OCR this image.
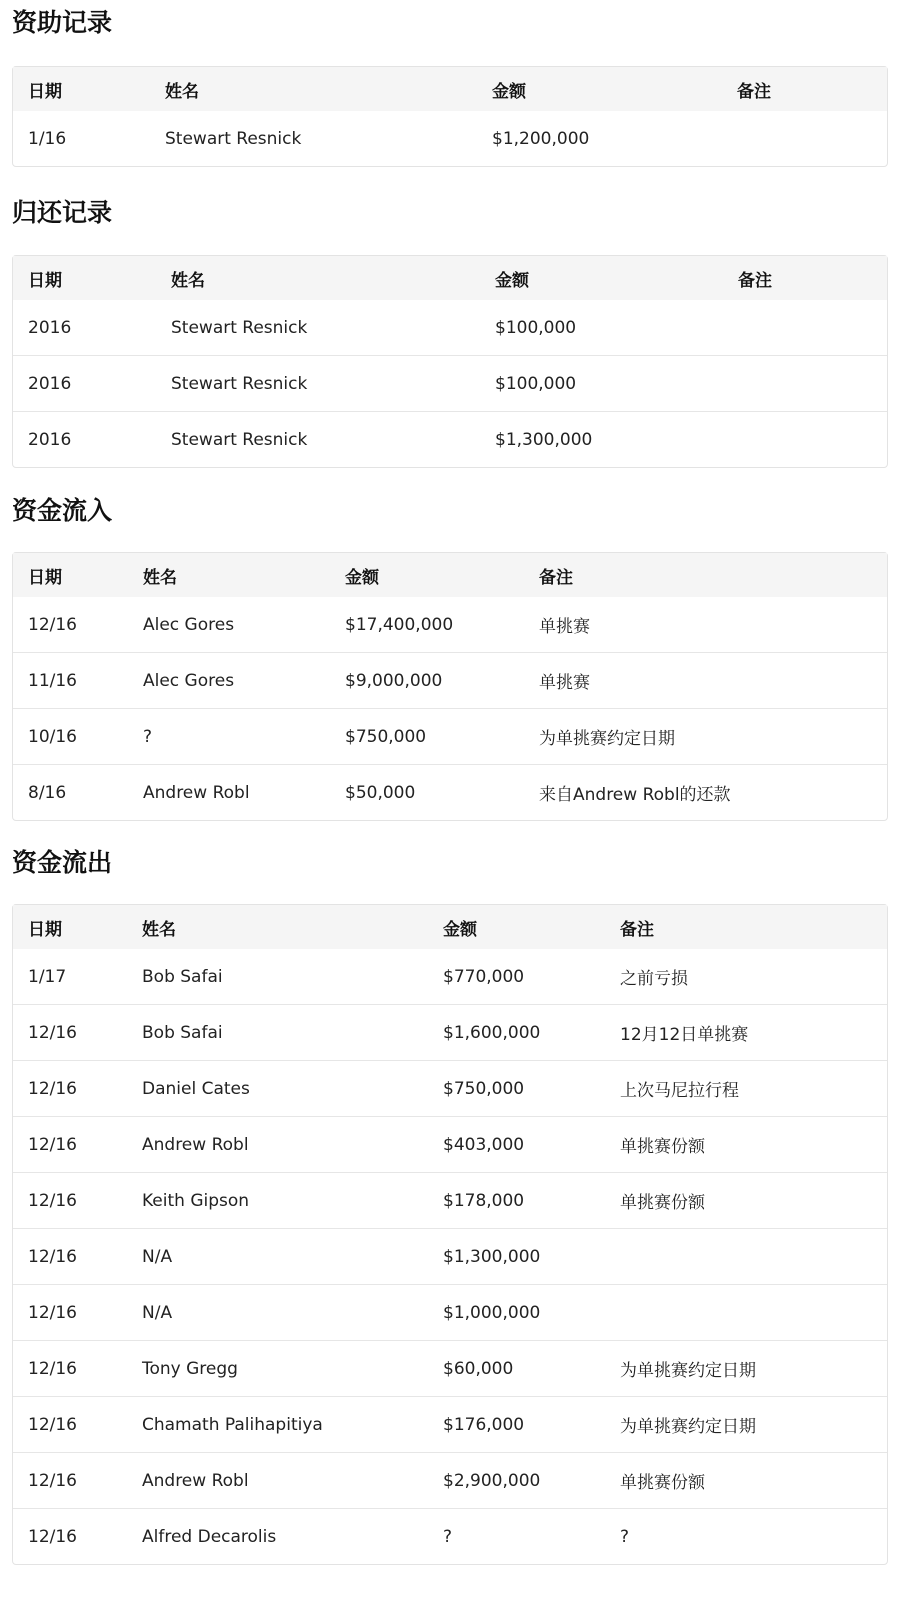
资助记录
日期	姓名	金额	备注
1/16	Stewart Resnick	$1,200,000	
归还记录
日期	姓名	金额	备注
2016	Stewart Resnick	$100,000	
2016	Stewart Resnick	$100,000	
2016	Stewart Resnick	$1,300,000	
资金流入
日期	姓名	金额	备注
12/16	Alec Gores	$17,400,000	单挑赛
11/16	Alec Gores	$9,000,000	单挑赛
10/16	?	$750,000	为单挑赛约定日期
8/16	Andrew Robl	$50,000	来自Andrew Robl的还款
资金流出
日期	姓名	金额	备注
1/17	Bob Safai	$770,000	之前亏损
12/16	Bob Safai	$1,600,000	12月12日单挑赛
12/16	Daniel Cates	$750,000	上次马尼拉行程
12/16	Andrew Robl	$403,000	单挑赛份额
12/16	Keith Gipson	$178,000	单挑赛份额
12/16	N/A	$1,300,000	
12/16	N/A	$1,000,000	
12/16	Tony Gregg	$60,000	为单挑赛约定日期
12/16	Chamath Palihapitiya	$176,000	为单挑赛约定日期
12/16	Andrew Robl	$2,900,000	单挑赛份额
12/16	Alfred Decarolis	?	?
